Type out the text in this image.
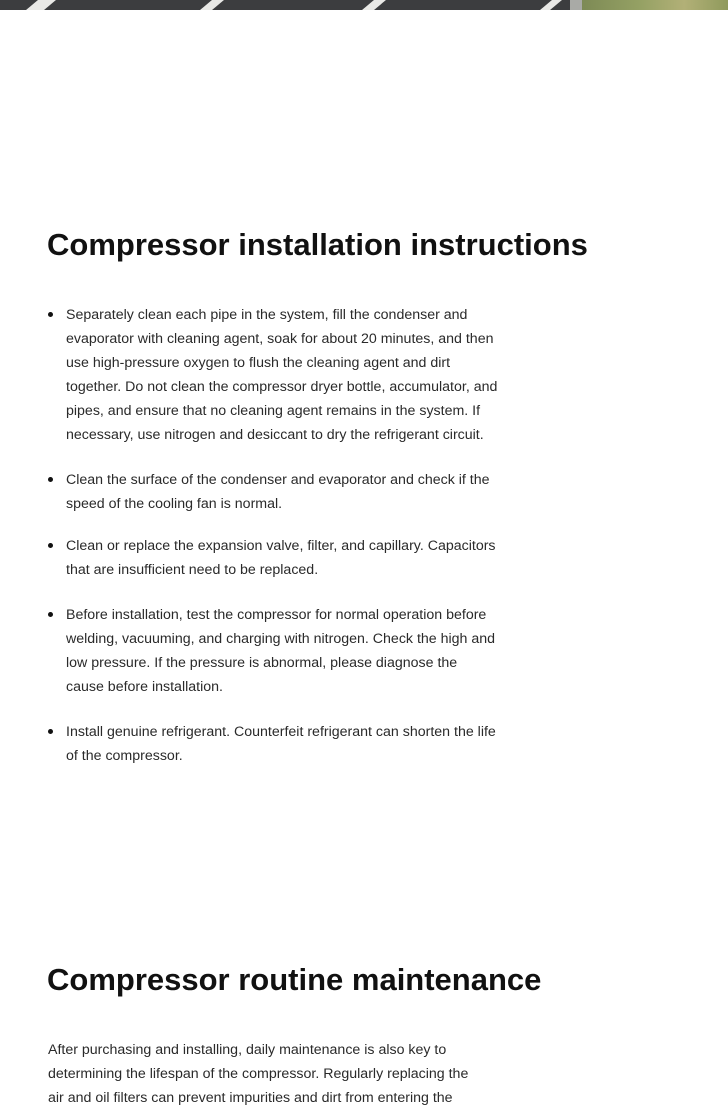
Compressor installation instructions
Separately clean each pipe in the system, fill the condenser and evaporator with cleaning agent, soak for about 20 minutes, and then use high-pressure oxygen to flush the cleaning agent and dirt together. Do not clean the compressor dryer bottle, accumulator, and pipes, and ensure that no cleaning agent remains in the system. If necessary, use nitrogen and desiccant to dry the refrigerant circuit.
Clean the surface of the condenser and evaporator and check if the speed of the cooling fan is normal.
Clean or replace the expansion valve, filter, and capillary. Capacitors that are insufficient need to be replaced.
Before installation, test the compressor for normal operation before welding, vacuuming, and charging with nitrogen. Check the high and low pressure. If the pressure is abnormal, please diagnose the cause before installation.
Install genuine refrigerant. Counterfeit refrigerant can shorten the life of the compressor.
Compressor routine maintenance

After purchasing and installing, daily maintenance is also key to determining the lifespan of the compressor. Regularly replacing the air and oil filters can prevent impurities and dirt from entering the
